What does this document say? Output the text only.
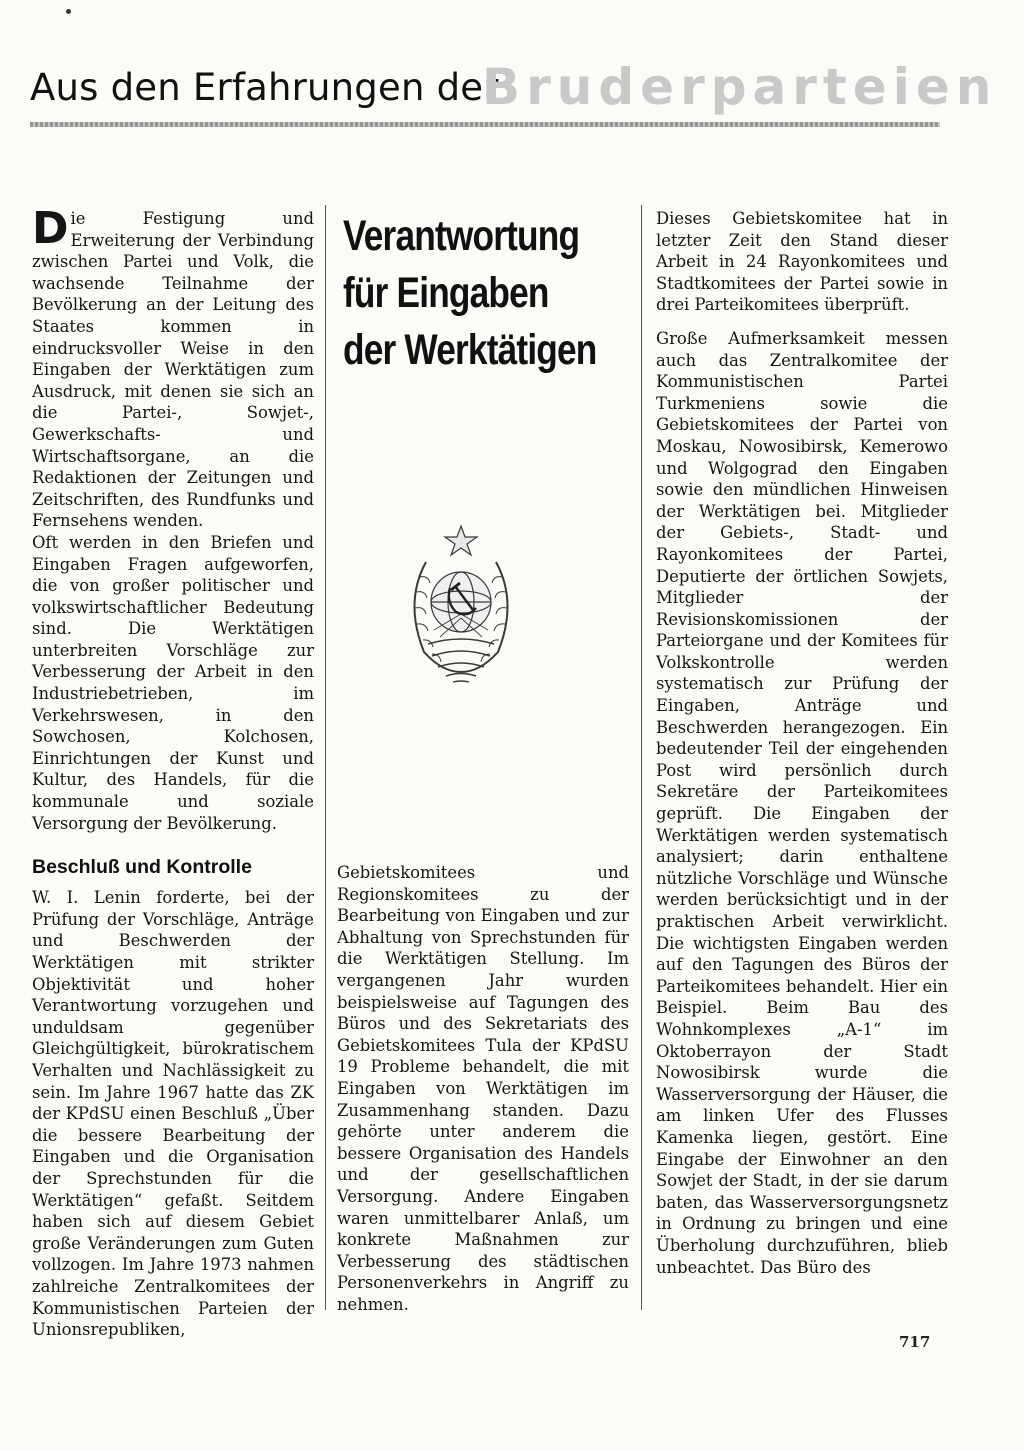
Aus den Erfahrungen der
Bruderparteien

Die Festigung und Erweiterung der Verbindung zwischen Partei und Volk, die wachsende Teilnahme der Bevölkerung an der Leitung des Staates kommen in eindrucksvoller Weise in den Eingaben der Werktätigen zum Ausdruck, mit denen sie sich an die Partei-, Sowjet-, Gewerkschafts- und Wirtschaftsorgane, an die Redaktionen der Zeitungen und Zeitschriften, des Rundfunks und Fernsehens wenden.

Oft werden in den Briefen und Eingaben Fragen aufgeworfen, die von großer politischer und volkswirtschaftlicher Bedeutung sind. Die Werktätigen unterbreiten Vorschläge zur Verbesserung der Arbeit in den Industriebetrieben, im Verkehrswesen, in den Sowchosen, Kolchosen, Einrichtungen der Kunst und Kultur, des Handels, für die kommunale und soziale Versorgung der Bevölkerung.

Beschluß und Kontrolle

W. I. Lenin forderte, bei der Prüfung der Vorschläge, Anträge und Beschwerden der Werktätigen mit strikter Objektivität und hoher Verantwortung vorzugehen und unduldsam gegenüber Gleichgültigkeit, bürokratischem Verhalten und Nachlässigkeit zu sein. Im Jahre 1967 hatte das ZK der KPdSU einen Beschluß „Über die bessere Bearbeitung der Eingaben und die Organisation der Sprechstunden für die Werktätigen“ gefaßt. Seitdem haben sich auf diesem Gebiet große Veränderungen zum Guten vollzogen. Im Jahre 1973 nahmen zahlreiche Zentralkomitees der Kommunistischen Parteien der Unionsrepubliken,

Verantwortung
für Eingaben
der Werktätigen

Gebietskomitees und Regionskomitees zu der Bearbeitung von Eingaben und zur Abhaltung von Sprechstunden für die Werktätigen Stellung. Im vergangenen Jahr wurden beispielsweise auf Tagungen des Büros und des Sekretariats des Gebietskomitees Tula der KPdSU 19 Probleme behandelt, die mit Eingaben von Werktätigen im Zusammenhang standen. Dazu gehörte unter anderem die bessere Organisation des Handels und der gesellschaftlichen Versorgung. Andere Eingaben waren unmittelbarer Anlaß, um konkrete Maßnahmen zur Verbesserung des städtischen Personenverkehrs in Angriff zu nehmen.

Dieses Gebietskomitee hat in letzter Zeit den Stand dieser Arbeit in 24 Rayonkomitees und Stadtkomitees der Partei sowie in drei Parteikomitees überprüft.

Große Aufmerksamkeit messen auch das Zentralkomitee der Kommunistischen Partei Turkmeniens sowie die Gebietskomitees der Partei von Moskau, Nowosibirsk, Kemerowo und Wolgograd den Eingaben sowie den mündlichen Hinweisen der Werktätigen bei. Mitglieder der Gebiets-, Stadt- und Rayonkomitees der Partei, Deputierte der örtlichen Sowjets, Mitglieder der Revisionskomissionen der Parteiorgane und der Komitees für Volkskontrolle werden systematisch zur Prüfung der Eingaben, Anträge und Beschwerden herangezogen. Ein bedeutender Teil der eingehenden Post wird persönlich durch Sekretäre der Parteikomitees geprüft. Die Eingaben der Werktätigen werden systematisch analysiert; darin enthaltene nützliche Vorschläge und Wünsche werden berücksichtigt und in der praktischen Arbeit verwirklicht. Die wichtigsten Eingaben werden auf den Tagungen des Büros der Parteikomitees behandelt. Hier ein Beispiel. Beim Bau des Wohnkomplexes „A-1“ im Oktoberrayon der Stadt Nowosibirsk wurde die Wasserversorgung der Häuser, die am linken Ufer des Flusses Kamenka liegen, gestört. Eine Eingabe der Einwohner an den Sowjet der Stadt, in der sie darum baten, das Wasserversorgungsnetz in Ordnung zu bringen und eine Überholung durchzuführen, blieb unbeachtet. Das Büro des

717
